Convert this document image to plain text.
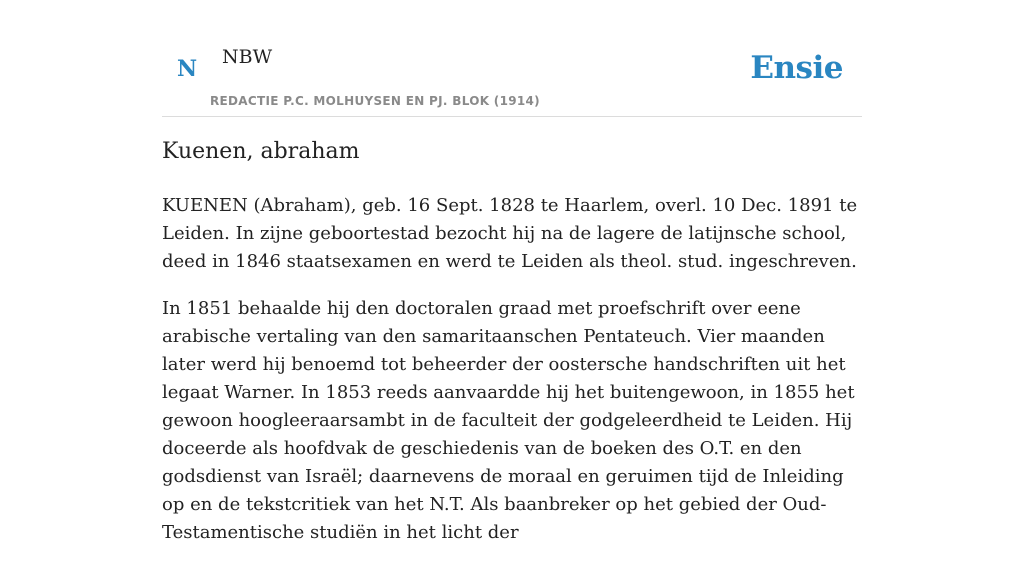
N NBW
REDACTIE P.C. MOLHUYSEN EN PJ. BLOK (1914)
Ensie
Kuenen, abraham

KUENEN (Abraham), geb. 16 Sept. 1828 te Haarlem, overl. 10 Dec. 1891 te Leiden. In zijne geboortestad bezocht hij na de lagere de latijnsche school, deed in 1846 staatsexamen en werd te Leiden als theol. stud. ingeschreven.

In 1851 behaalde hij den doctoralen graad met proefschrift over eene arabische vertaling van den samaritaanschen Pentateuch. Vier maanden later werd hij benoemd tot beheerder der oostersche handschriften uit het legaat Warner. In 1853 reeds aanvaardde hij het buitengewoon, in 1855 het gewoon hoogleeraarsambt in de faculteit der godgeleerdheid te Leiden. Hij doceerde als hoofdvak de geschiedenis van de boeken des O.T. en den godsdienst van Israël; daarnevens de moraal en geruimen tijd de Inleiding op en de tekstcritiek van het N.T. Als baanbreker op het gebied der Oud-Testamentische studiën in het licht der
